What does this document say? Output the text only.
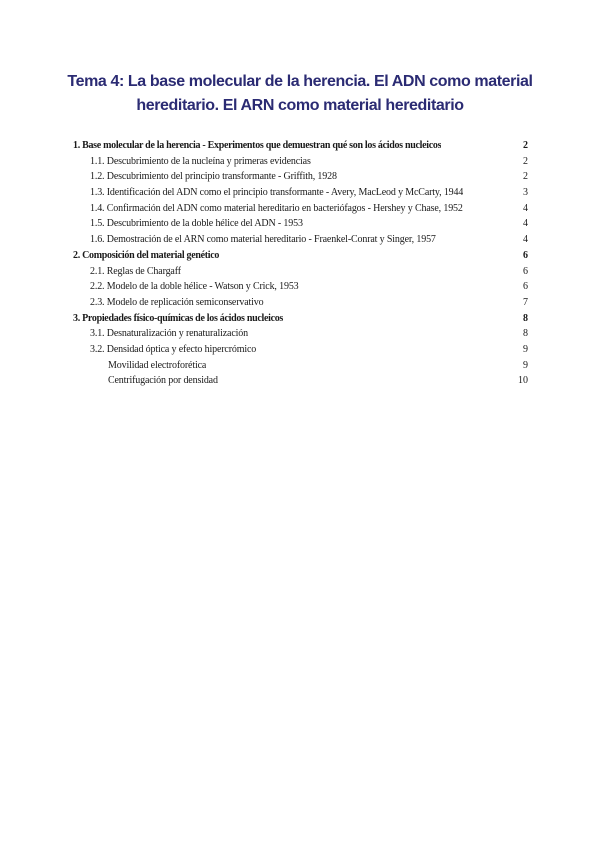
Tema 4: La base molecular de la herencia. El ADN como material
hereditario. El ARN como material hereditario
1. Base molecular de la herencia - Experimentos que demuestran qué son los ácidos nucleicos	2
1.1. Descubrimiento de la nucleína y primeras evidencias	2
1.2. Descubrimiento del principio transformante - Griffith, 1928	2
1.3. Identificación del ADN como el principio transformante - Avery, MacLeod y McCarty, 1944	3
1.4. Confirmación del ADN como material hereditario en bacteriófagos - Hershey y Chase, 1952	4
1.5. Descubrimiento de la doble hélice del ADN - 1953	4
1.6. Demostración de el ARN como material hereditario - Fraenkel-Conrat y Singer, 1957	4
2. Composición del material genético	6
2.1. Reglas de Chargaff	6
2.2. Modelo de la doble hélice - Watson y Crick, 1953	6
2.3. Modelo de replicación semiconservativo	7
3. Propiedades físico-químicas de los ácidos nucleicos	8
3.1. Desnaturalización y renaturalización	8
3.2. Densidad óptica y efecto hipercrómico	9
Movilidad electroforética	9
Centrifugación por densidad	10
